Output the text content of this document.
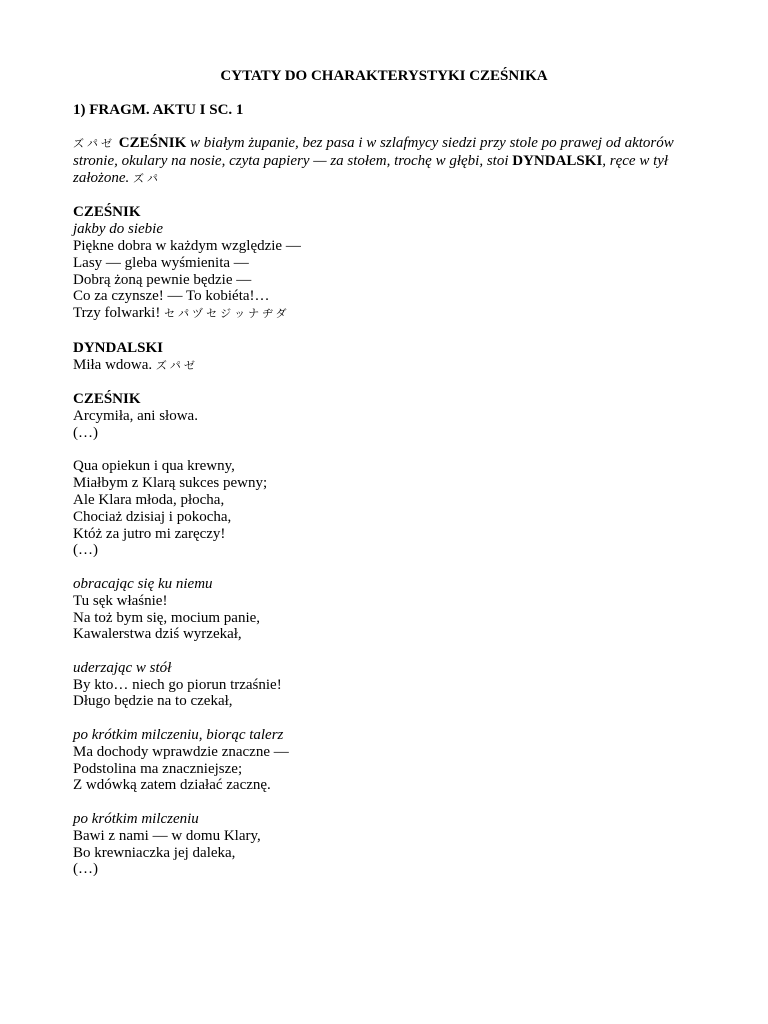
CYTATY DO CHARAKTERYSTYKI CZEŚNIKA
1) FRAGM. AKTU I SC. 1
ズパゼ CZEŚNIK w białym żupanie, bez pasa i w szlafmycy siedzi przy stole po prawej od aktorów stronie, okulary na nosie, czyta papiery — za stołem, trochę w głębi, stoi DYNDALSKI, ręce w tył założone. ズパ
CZEŚNIK
jakby do siebie
Piękne dobra w każdym względzie —
Lasy — gleba wyśmienita —
Dobrą żoną pewnie będzie —
Co za czynsze! — To kobiéta!…
Trzy folwarki! セパヅセジッナヂダ
DYNDALSKI
Miła wdowa. ズパゼ
CZEŚNIK
Arcymiła, ani słowa.
(…)
Qua opiekun i qua krewny,
Miałbym z Klarą sukces pewny;
Ale Klara młoda, płocha,
Chociaż dzisiaj i pokocha,
Któż za jutro mi zaręczy!
(…)
obracając się ku niemu
Tu sęk właśnie!
Na toż bym się, mocium panie,
Kawalerstwa dziś wyrzekał,
uderzając w stół
By kto… niech go piorun trzaśnie!
Długo będzie na to czekał,
po krótkim milczeniu, biorąc talerz
Ma dochody wprawdzie znaczne —
Podstolina ma znaczniejsze;
Z wdówką zatem działać zacznę.
po krótkim milczeniu
Bawi z nami — w domu Klary,
Bo krewniaczka jej daleka,
(…)
